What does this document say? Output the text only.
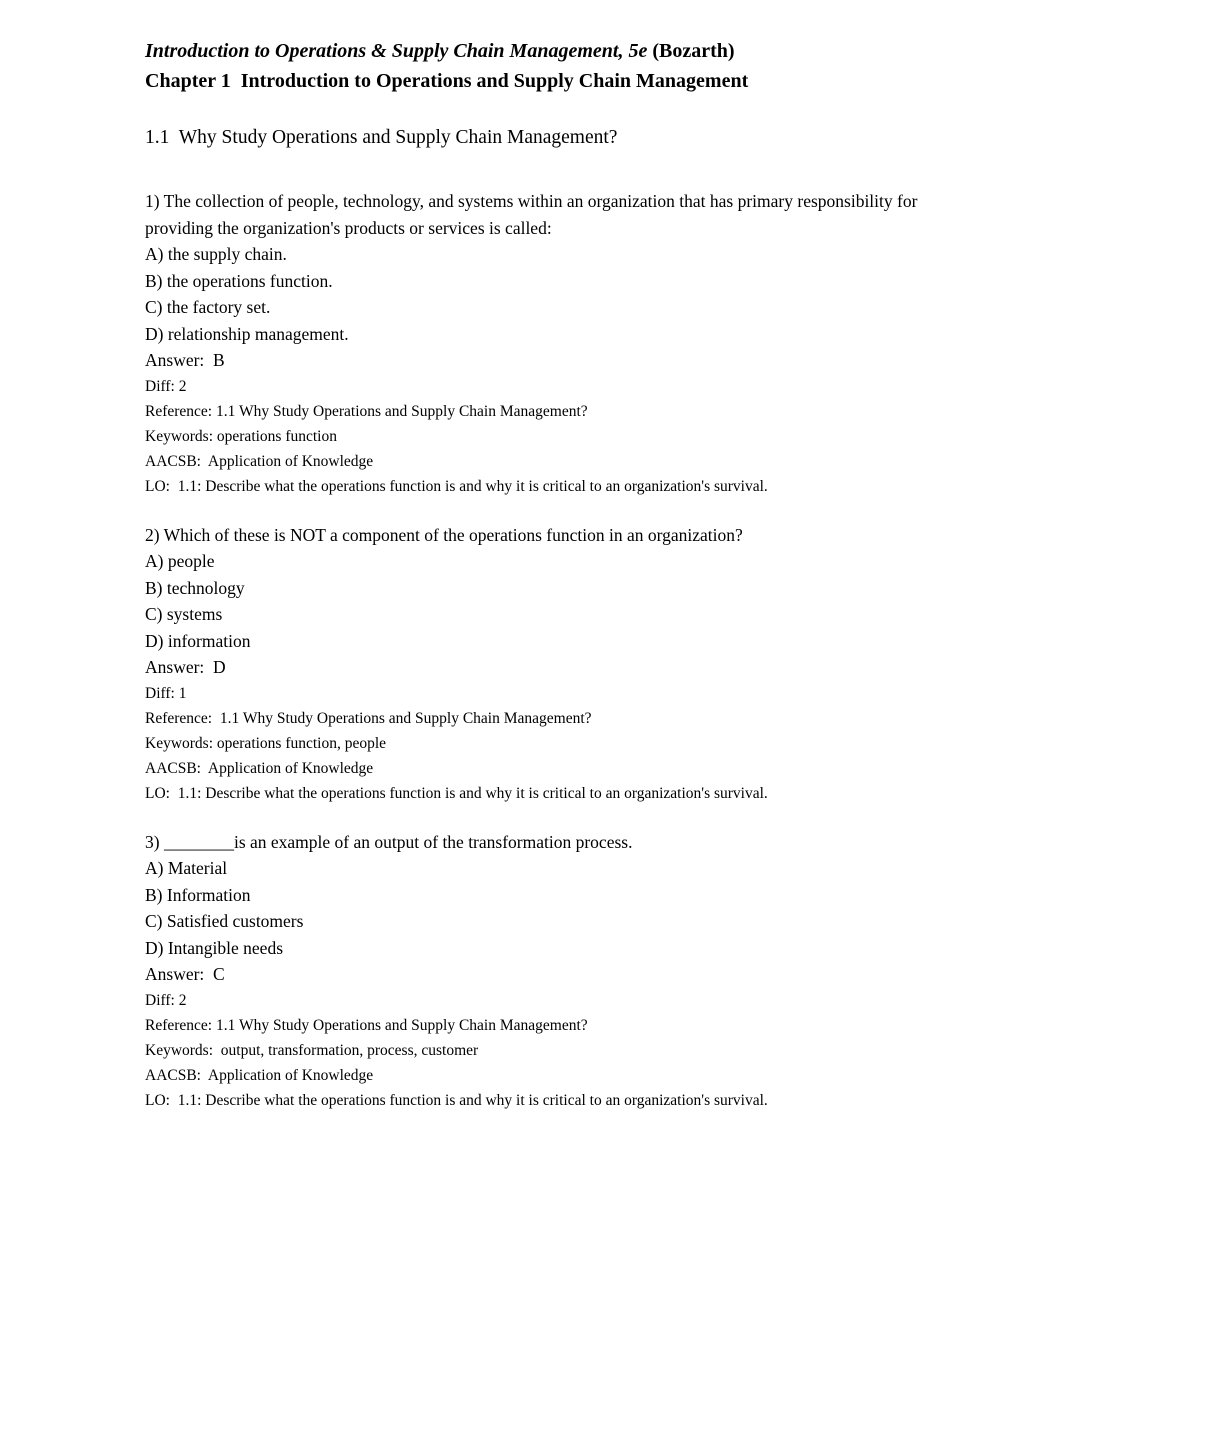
Introduction to Operations & Supply Chain Management, 5e (Bozarth)

Chapter 1  Introduction to Operations and Supply Chain Management

1.1  Why Study Operations and Supply Chain Management?

1) The collection of people, technology, and systems within an organization that has primary responsibility for providing the organization's products or services is called:

A) the supply chain.

B) the operations function.

C) the factory set.

D) relationship management.

Answer:  B

Diff: 2

Reference: 1.1 Why Study Operations and Supply Chain Management?

Keywords: operations function

AACSB:  Application of Knowledge

LO:  1.1: Describe what the operations function is and why it is critical to an organization's survival.

2) Which of these is NOT a component of the operations function in an organization?

A) people

B) technology

C) systems

D) information

Answer:  D

Diff: 1

Reference:  1.1 Why Study Operations and Supply Chain Management?

Keywords: operations function, people

AACSB:  Application of Knowledge

LO:  1.1: Describe what the operations function is and why it is critical to an organization's survival.

3) ________is an example of an output of the transformation process.

A) Material

B) Information

C) Satisfied customers

D) Intangible needs

Answer:  C

Diff: 2

Reference: 1.1 Why Study Operations and Supply Chain Management?

Keywords:  output, transformation, process, customer

AACSB:  Application of Knowledge

LO:  1.1: Describe what the operations function is and why it is critical to an organization's survival.
